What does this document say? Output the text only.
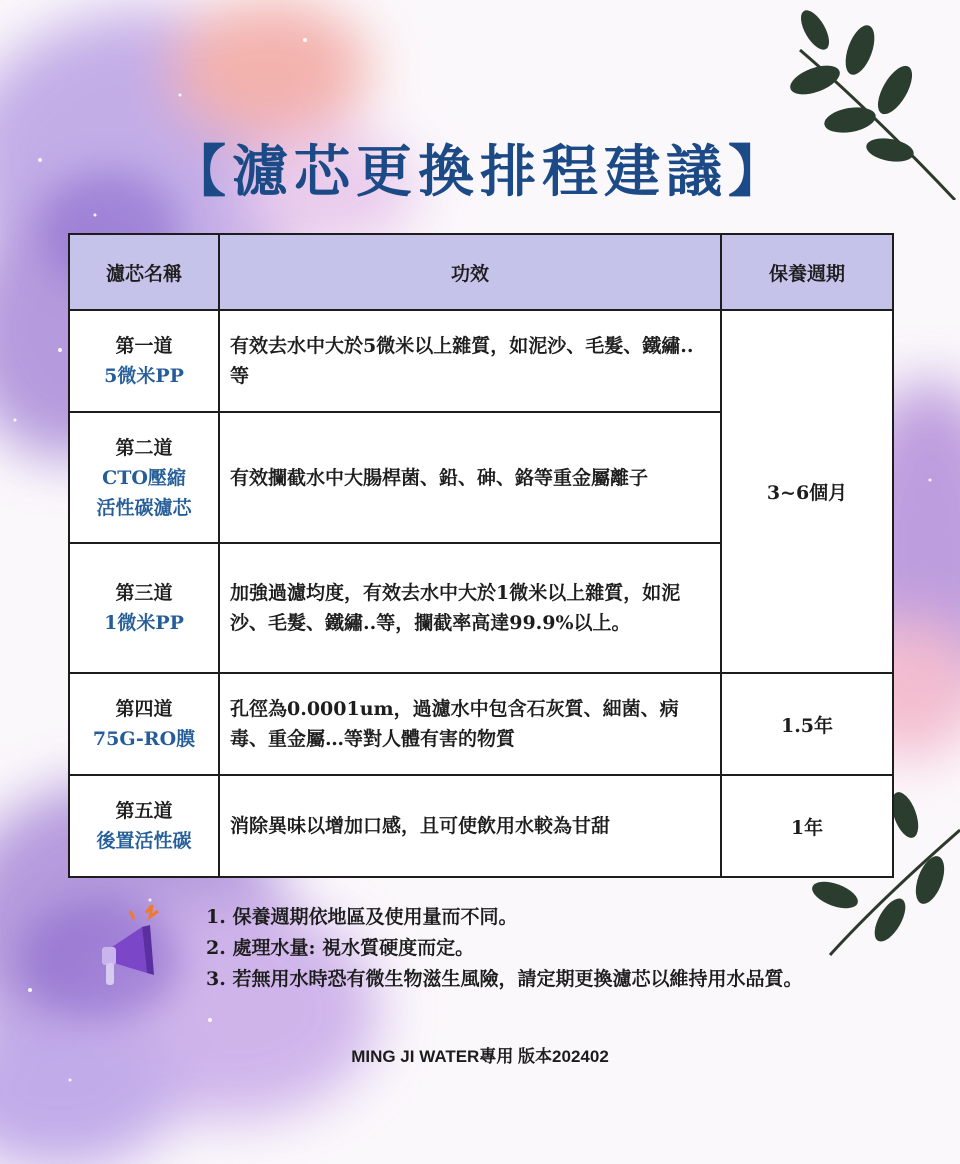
【濾芯更換排程建議】
濾芯名稱	功效	保養週期

第一道
5微米PP	有效去水中大於5微米以上雜質，如泥沙、毛髮、鐵繡..等	3~6個月

第二道
CTO壓縮活性碳濾芯	有效攔截水中大腸桿菌、鉛、砷、鉻等重金屬離子	

第三道
1微米PP	加強過濾均度，有效去水中大於1微米以上雜質，如泥沙、毛髮、鐵繡..等，攔截率高達99.9%以上。	

第四道
75G-RO膜	孔徑為0.0001um，過濾水中包含石灰質、細菌、病毒、重金屬…等對人體有害的物質	1.5年

第五道
後置活性碳	消除異味以增加口感，且可使飲用水較為甘甜	1年
1. 保養週期依地區及使用量而不同。
2. 處理水量: 視水質硬度而定。
3. 若無用水時恐有微生物滋生風險，請定期更換濾芯以維持用水品質。
MING JI WATER專用 版本202402
